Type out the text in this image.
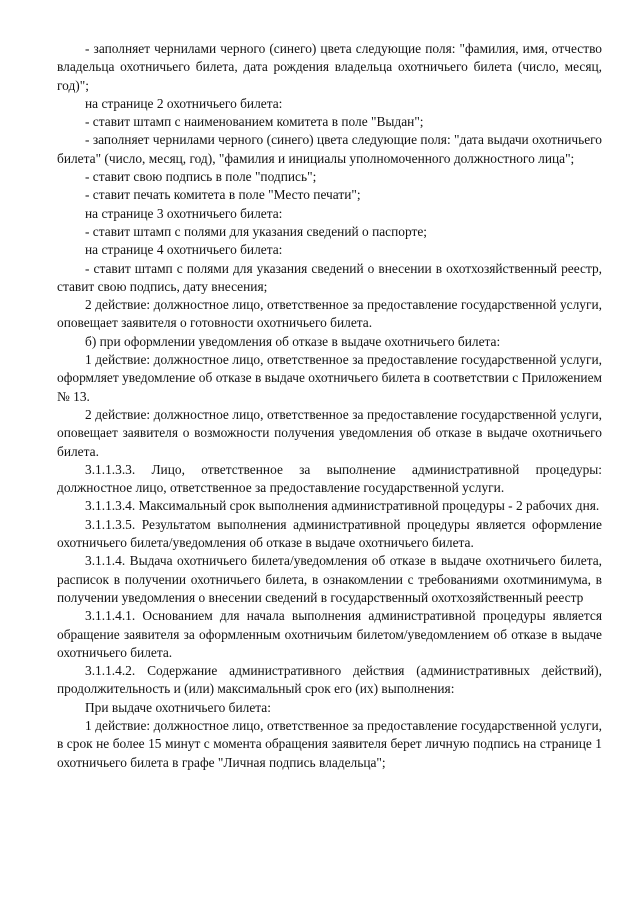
- заполняет чернилами черного (синего) цвета следующие поля: "фамилия, имя, отчество владельца охотничьего билета, дата рождения владельца охотничьего билета (число, месяц, год)";

на странице 2 охотничьего билета:

- ставит штамп с наименованием комитета в поле "Выдан";

- заполняет чернилами черного (синего) цвета следующие поля: "дата выдачи охотничьего билета" (число, месяц, год), "фамилия и инициалы уполномоченного должностного лица";

- ставит свою подпись в поле "подпись";

- ставит печать комитета в поле "Место печати";

на странице 3 охотничьего билета:

- ставит штамп с полями для указания сведений о паспорте;

на странице 4 охотничьего билета:

- ставит штамп с полями для указания сведений о внесении в охотхозяйственный реестр, ставит свою подпись, дату внесения;

2 действие: должностное лицо, ответственное за предоставление государственной услуги, оповещает заявителя о готовности охотничьего билета.

б) при оформлении уведомления об отказе в выдаче охотничьего билета:

1 действие: должностное лицо, ответственное за предоставление государственной услуги, оформляет уведомление об отказе в выдаче охотничьего билета в соответствии с Приложением № 13.

2 действие: должностное лицо, ответственное за предоставление государственной услуги, оповещает заявителя о возможности получения уведомления об отказе в выдаче охотничьего билета.

3.1.1.3.3. Лицо, ответственное за выполнение административной процедуры: должностное лицо, ответственное за предоставление государственной услуги.

3.1.1.3.4. Максимальный срок выполнения административной процедуры - 2 рабочих дня.

3.1.1.3.5. Результатом выполнения административной процедуры является оформление охотничьего билета/уведомления об отказе в выдаче охотничьего билета.

3.1.1.4. Выдача охотничьего билета/уведомления об отказе в выдаче охотничьего билета, расписок в получении охотничьего билета, в ознакомлении с требованиями охотминимума, в получении уведомления о внесении сведений в государственный охотхозяйственный реестр

3.1.1.4.1. Основанием для начала выполнения административной процедуры является обращение заявителя за оформленным охотничьим билетом/уведомлением об отказе в выдаче охотничьего билета.

3.1.1.4.2. Содержание административного действия (административных действий), продолжительность и (или) максимальный срок его (их) выполнения:

При выдаче охотничьего билета:

1 действие: должностное лицо, ответственное за предоставление государственной услуги, в срок не более 15 минут с момента обращения заявителя берет личную подпись на странице 1 охотничьего билета в графе "Личная подпись владельца";
